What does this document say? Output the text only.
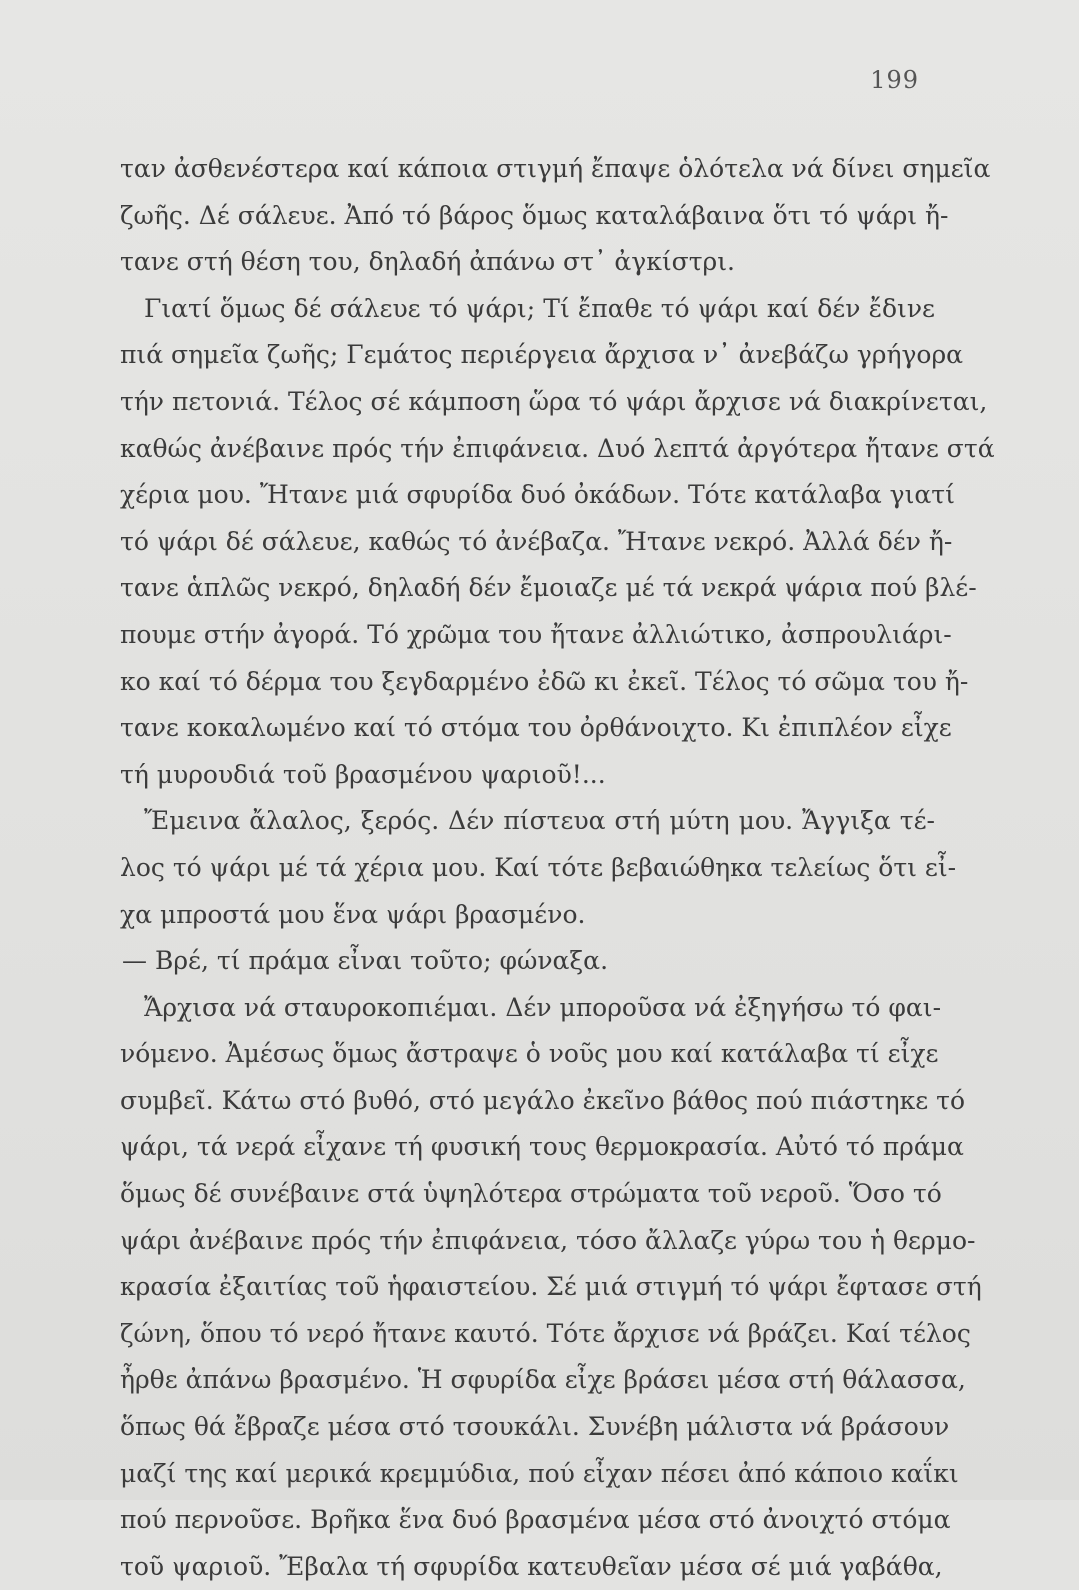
199
ταν ἀσθενέστερα καί κάποια στιγμή ἔπαψε ὁλότελα νά δίνει σημεῖα
ζωῆς. Δέ σάλευε. Ἀπό τό βάρος ὅμως καταλάβαινα ὅτι τό ψάρι ἤ-
τανε στή θέση του, δηλαδή ἀπάνω στ᾽ ἀγκίστρι.
Γιατί ὅμως δέ σάλευε τό ψάρι; Τί ἔπαθε τό ψάρι καί δέν ἔδινε
πιά σημεῖα ζωῆς; Γεμάτος περιέργεια ἄρχισα ν᾽ ἀνεβάζω γρήγορα
τήν πετονιά. Τέλος σέ κάμποση ὥρα τό ψάρι ἄρχισε νά διακρίνεται,
καθώς ἀνέβαινε πρός τήν ἐπιφάνεια. Δυό λεπτά ἀργότερα ἤτανε στά
χέρια μου. Ἤτανε μιά σφυρίδα δυό ὀκάδων. Τότε κατάλαβα γιατί
τό ψάρι δέ σάλευε, καθώς τό ἀνέβαζα. Ἤτανε νεκρό. Ἀλλά δέν ἤ-
τανε ἁπλῶς νεκρό, δηλαδή δέν ἔμοιαζε μέ τά νεκρά ψάρια πού βλέ-
πουμε στήν ἀγορά. Τό χρῶμα του ἤτανε ἀλλιώτικο, ἀσπρουλιάρι-
κο καί τό δέρμα του ξεγδαρμένο ἐδῶ κι ἐκεῖ. Τέλος τό σῶμα του ἤ-
τανε κοκαλωμένο καί τό στόμα του ὀρθάνοιχτο. Κι ἐπιπλέον εἶχε
τή μυρουδιά τοῦ βρασμένου ψαριοῦ!...
Ἔμεινα ἄλαλος, ξερός. Δέν πίστευα στή μύτη μου. Ἄγγιξα τέ-
λος τό ψάρι μέ τά χέρια μου. Καί τότε βεβαιώθηκα τελείως ὅτι εἶ-
χα μπροστά μου ἕνα ψάρι βρασμένο.
— Βρέ, τί πράμα εἶναι τοῦτο; φώναξα.
Ἄρχισα νά σταυροκοπιέμαι. Δέν μποροῦσα νά ἐξηγήσω τό φαι-
νόμενο. Ἀμέσως ὅμως ἄστραψε ὁ νοῦς μου καί κατάλαβα τί εἶχε
συμβεῖ. Κάτω στό βυθό, στό μεγάλο ἐκεῖνο βάθος πού πιάστηκε τό
ψάρι, τά νερά εἶχανε τή φυσική τους θερμοκρασία. Αὐτό τό πράμα
ὅμως δέ συνέβαινε στά ὑψηλότερα στρώματα τοῦ νεροῦ. Ὅσο τό
ψάρι ἀνέβαινε πρός τήν ἐπιφάνεια, τόσο ἄλλαζε γύρω του ἡ θερμο-
κρασία ἐξαιτίας τοῦ ἡφαιστείου. Σέ μιά στιγμή τό ψάρι ἔφτασε στή
ζώνη, ὅπου τό νερό ἤτανε καυτό. Τότε ἄρχισε νά βράζει. Καί τέλος
ἦρθε ἀπάνω βρασμένο. Ἡ σφυρίδα εἶχε βράσει μέσα στή θάλασσα,
ὅπως θά ἔβραζε μέσα στό τσουκάλι. Συνέβη μάλιστα νά βράσουν
μαζί της καί μερικά κρεμμύδια, πού εἶχαν πέσει ἀπό κάποιο καΐκι
πού περνοῦσε. Βρῆκα ἕνα δυό βρασμένα μέσα στό ἀνοιχτό στόμα
τοῦ ψαριοῦ. Ἔβαλα τή σφυρίδα κατευθεῖαν μέσα σέ μιά γαβάθα,
